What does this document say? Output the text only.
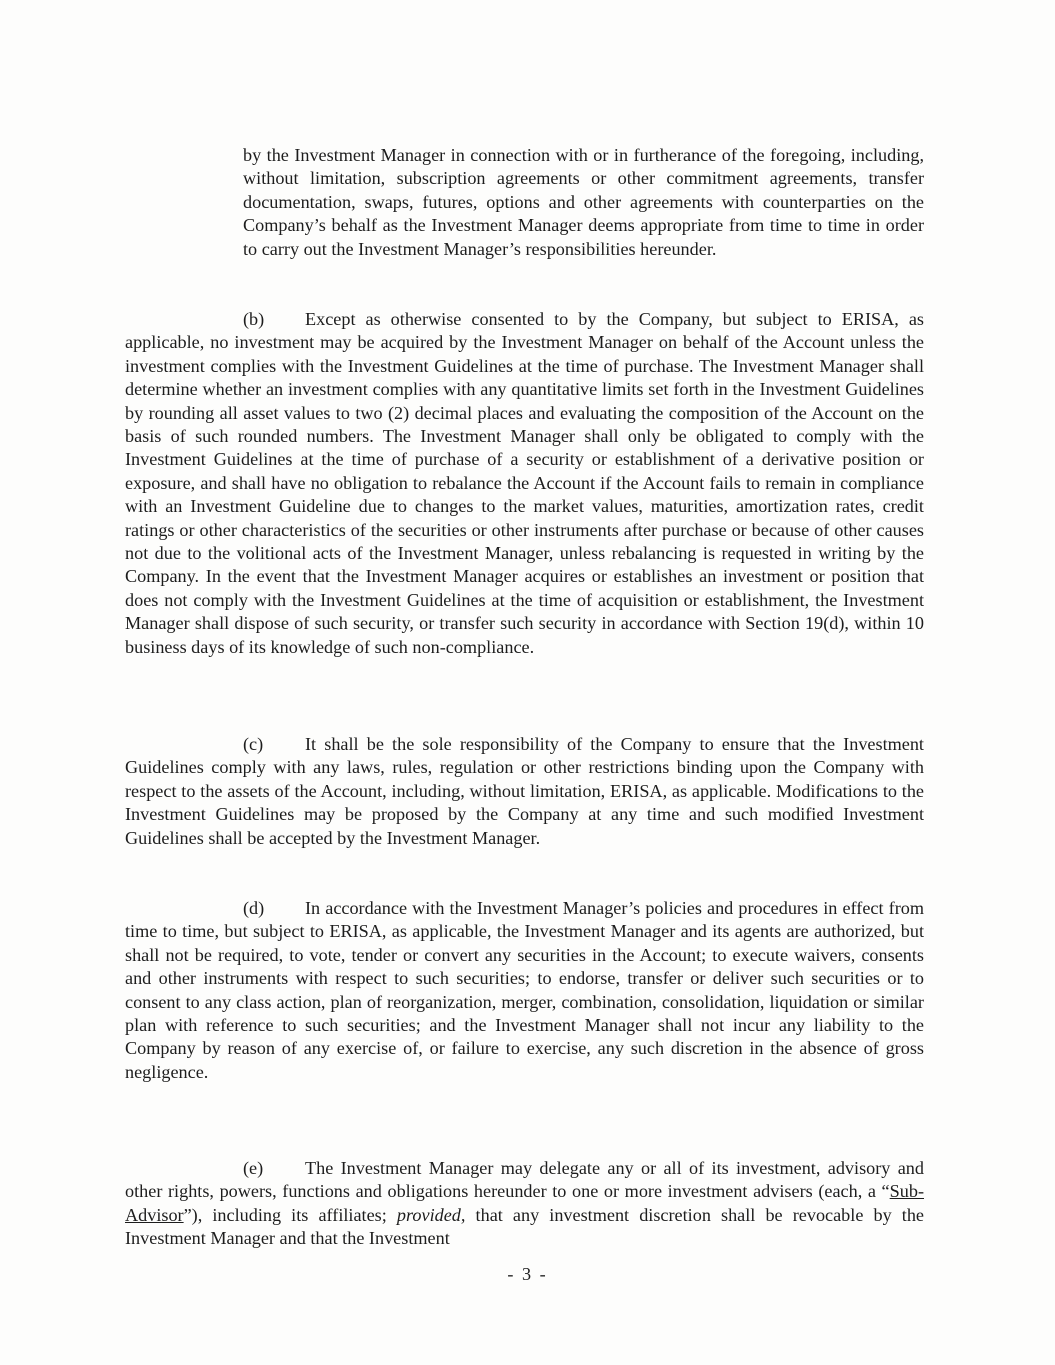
by the Investment Manager in connection with or in furtherance of the foregoing, including, without limitation, subscription agreements or other commitment agreements, transfer documentation, swaps, futures, options and other agreements with counterparties on the Company’s behalf as the Investment Manager deems appropriate from time to time in order to carry out the Investment Manager’s responsibilities hereunder.

(b) Except as otherwise consented to by the Company, but subject to ERISA, as applicable, no investment may be acquired by the Investment Manager on behalf of the Account unless the investment complies with the Investment Guidelines at the time of purchase. The Investment Manager shall determine whether an investment complies with any quantitative limits set forth in the Investment Guidelines by rounding all asset values to two (2) decimal places and evaluating the composition of the Account on the basis of such rounded numbers. The Investment Manager shall only be obligated to comply with the Investment Guidelines at the time of purchase of a security or establishment of a derivative position or exposure, and shall have no obligation to rebalance the Account if the Account fails to remain in compliance with an Investment Guideline due to changes to the market values, maturities, amortization rates, credit ratings or other characteristics of the securities or other instruments after purchase or because of other causes not due to the volitional acts of the Investment Manager, unless rebalancing is requested in writing by the Company. In the event that the Investment Manager acquires or establishes an investment or position that does not comply with the Investment Guidelines at the time of acquisition or establishment, the Investment Manager shall dispose of such security, or transfer such security in accordance with Section 19(d), within 10 business days of its knowledge of such non-compliance.

(c) It shall be the sole responsibility of the Company to ensure that the Investment Guidelines comply with any laws, rules, regulation or other restrictions binding upon the Company with respect to the assets of the Account, including, without limitation, ERISA, as applicable. Modifications to the Investment Guidelines may be proposed by the Company at any time and such modified Investment Guidelines shall be accepted by the Investment Manager.

(d) In accordance with the Investment Manager’s policies and procedures in effect from time to time, but subject to ERISA, as applicable, the Investment Manager and its agents are authorized, but shall not be required, to vote, tender or convert any securities in the Account; to execute waivers, consents and other instruments with respect to such securities; to endorse, transfer or deliver such securities or to consent to any class action, plan of reorganization, merger, combination, consolidation, liquidation or similar plan with reference to such securities; and the Investment Manager shall not incur any liability to the Company by reason of any exercise of, or failure to exercise, any such discretion in the absence of gross negligence.

(e) The Investment Manager may delegate any or all of its investment, advisory and other rights, powers, functions and obligations hereunder to one or more investment advisers (each, a “Sub-Advisor”), including its affiliates; provided, that any investment discretion shall be revocable by the Investment Manager and that the Investment

- 3 -
